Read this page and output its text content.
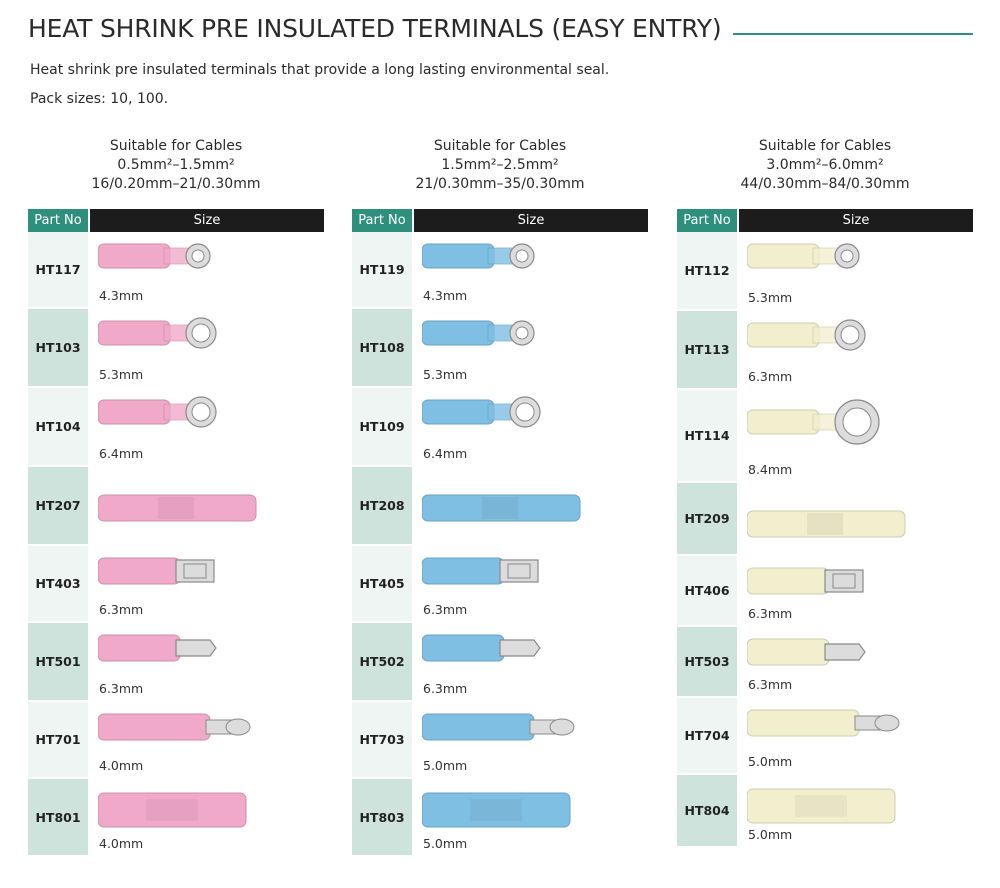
HEAT SHRINK PRE INSULATED TERMINALS (EASY ENTRY)

Heat shrink pre insulated terminals that provide a long lasting environmental seal.

Pack sizes: 10, 100.

Suitable for Cables
0.5mm²–1.5mm²
16/0.20mm–21/0.30mm
Part No	Size
HT117
4.3mm
HT103
5.3mm
HT104
6.4mm
HT207
HT403
6.3mm
HT501
6.3mm
HT701
4.0mm
HT801
4.0mm
Suitable for Cables
1.5mm²–2.5mm²
21/0.30mm–35/0.30mm
Part No	Size
HT119
4.3mm
HT108
5.3mm
HT109
6.4mm
HT208
HT405
6.3mm
HT502
6.3mm
HT703
5.0mm
HT803
5.0mm
Suitable for Cables
3.0mm²–6.0mm²
44/0.30mm–84/0.30mm
Part No	Size
HT112
5.3mm
HT113
6.3mm
HT114
8.4mm
HT209
HT406
6.3mm
HT503
6.3mm
HT704
5.0mm
HT804
5.0mm
